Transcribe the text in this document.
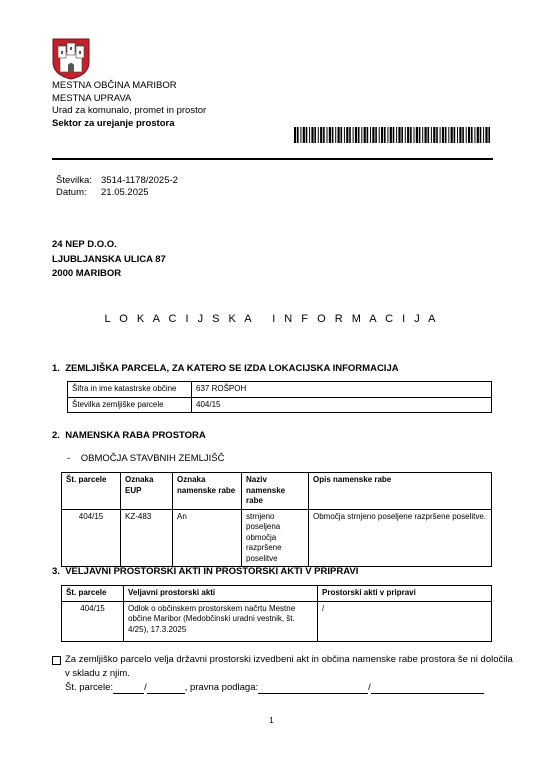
MESTNA OBČINA MARIBOR
MESTNA UPRAVA
Urad za komunalo, promet in prostor
Sektor za urejanje prostora
Številka: 3514-1178/2025-2
Datum:	21.05.2025
24 NEP D.O.O.
LJUBLJANSKA ULICA 87
2000 MARIBOR
L O K A C I J S K A   I N F O R M A C I J A
1.  ZEMLJIŠKA PARCELA, ZA KATERO SE IZDA LOKACIJSKA INFORMACIJA
Šifra in ime katastrske občine	637 ROŠPOH
Številka zemljiške parcele	404/15
2.  NAMENSKA RABA PROSTORA
-    OBMOČJA STAVBNIH ZEMLJIŠČ
Št. parcele	Oznaka EUP	Oznaka namenske rabe	Naziv namenske rabe	Opis namenske rabe
404/15	KZ-483	An	strnjeno poseljena območja razpršene poselitve	Območja strnjeno poseljene razpršene poselitve.
3.  VELJAVNI PROSTORSKI AKTI IN PROSTORSKI AKTI V PRIPRAVI
Št. parcele	Veljavni prostorski akti	Prostorski akti v pripravi
404/15	Odlok o občinskem prostorskem načrtu Mestne občine Maribor (Medobčinski uradni vestnik, št. 4/25), 17.3.2025	/
Za zemljiško parcelo velja državni prostorski izvedbeni akt in občina namenske rabe prostora še ni določila
v skladu z njim.
Št. parcele:	/	, pravna podlaga:	/
1
